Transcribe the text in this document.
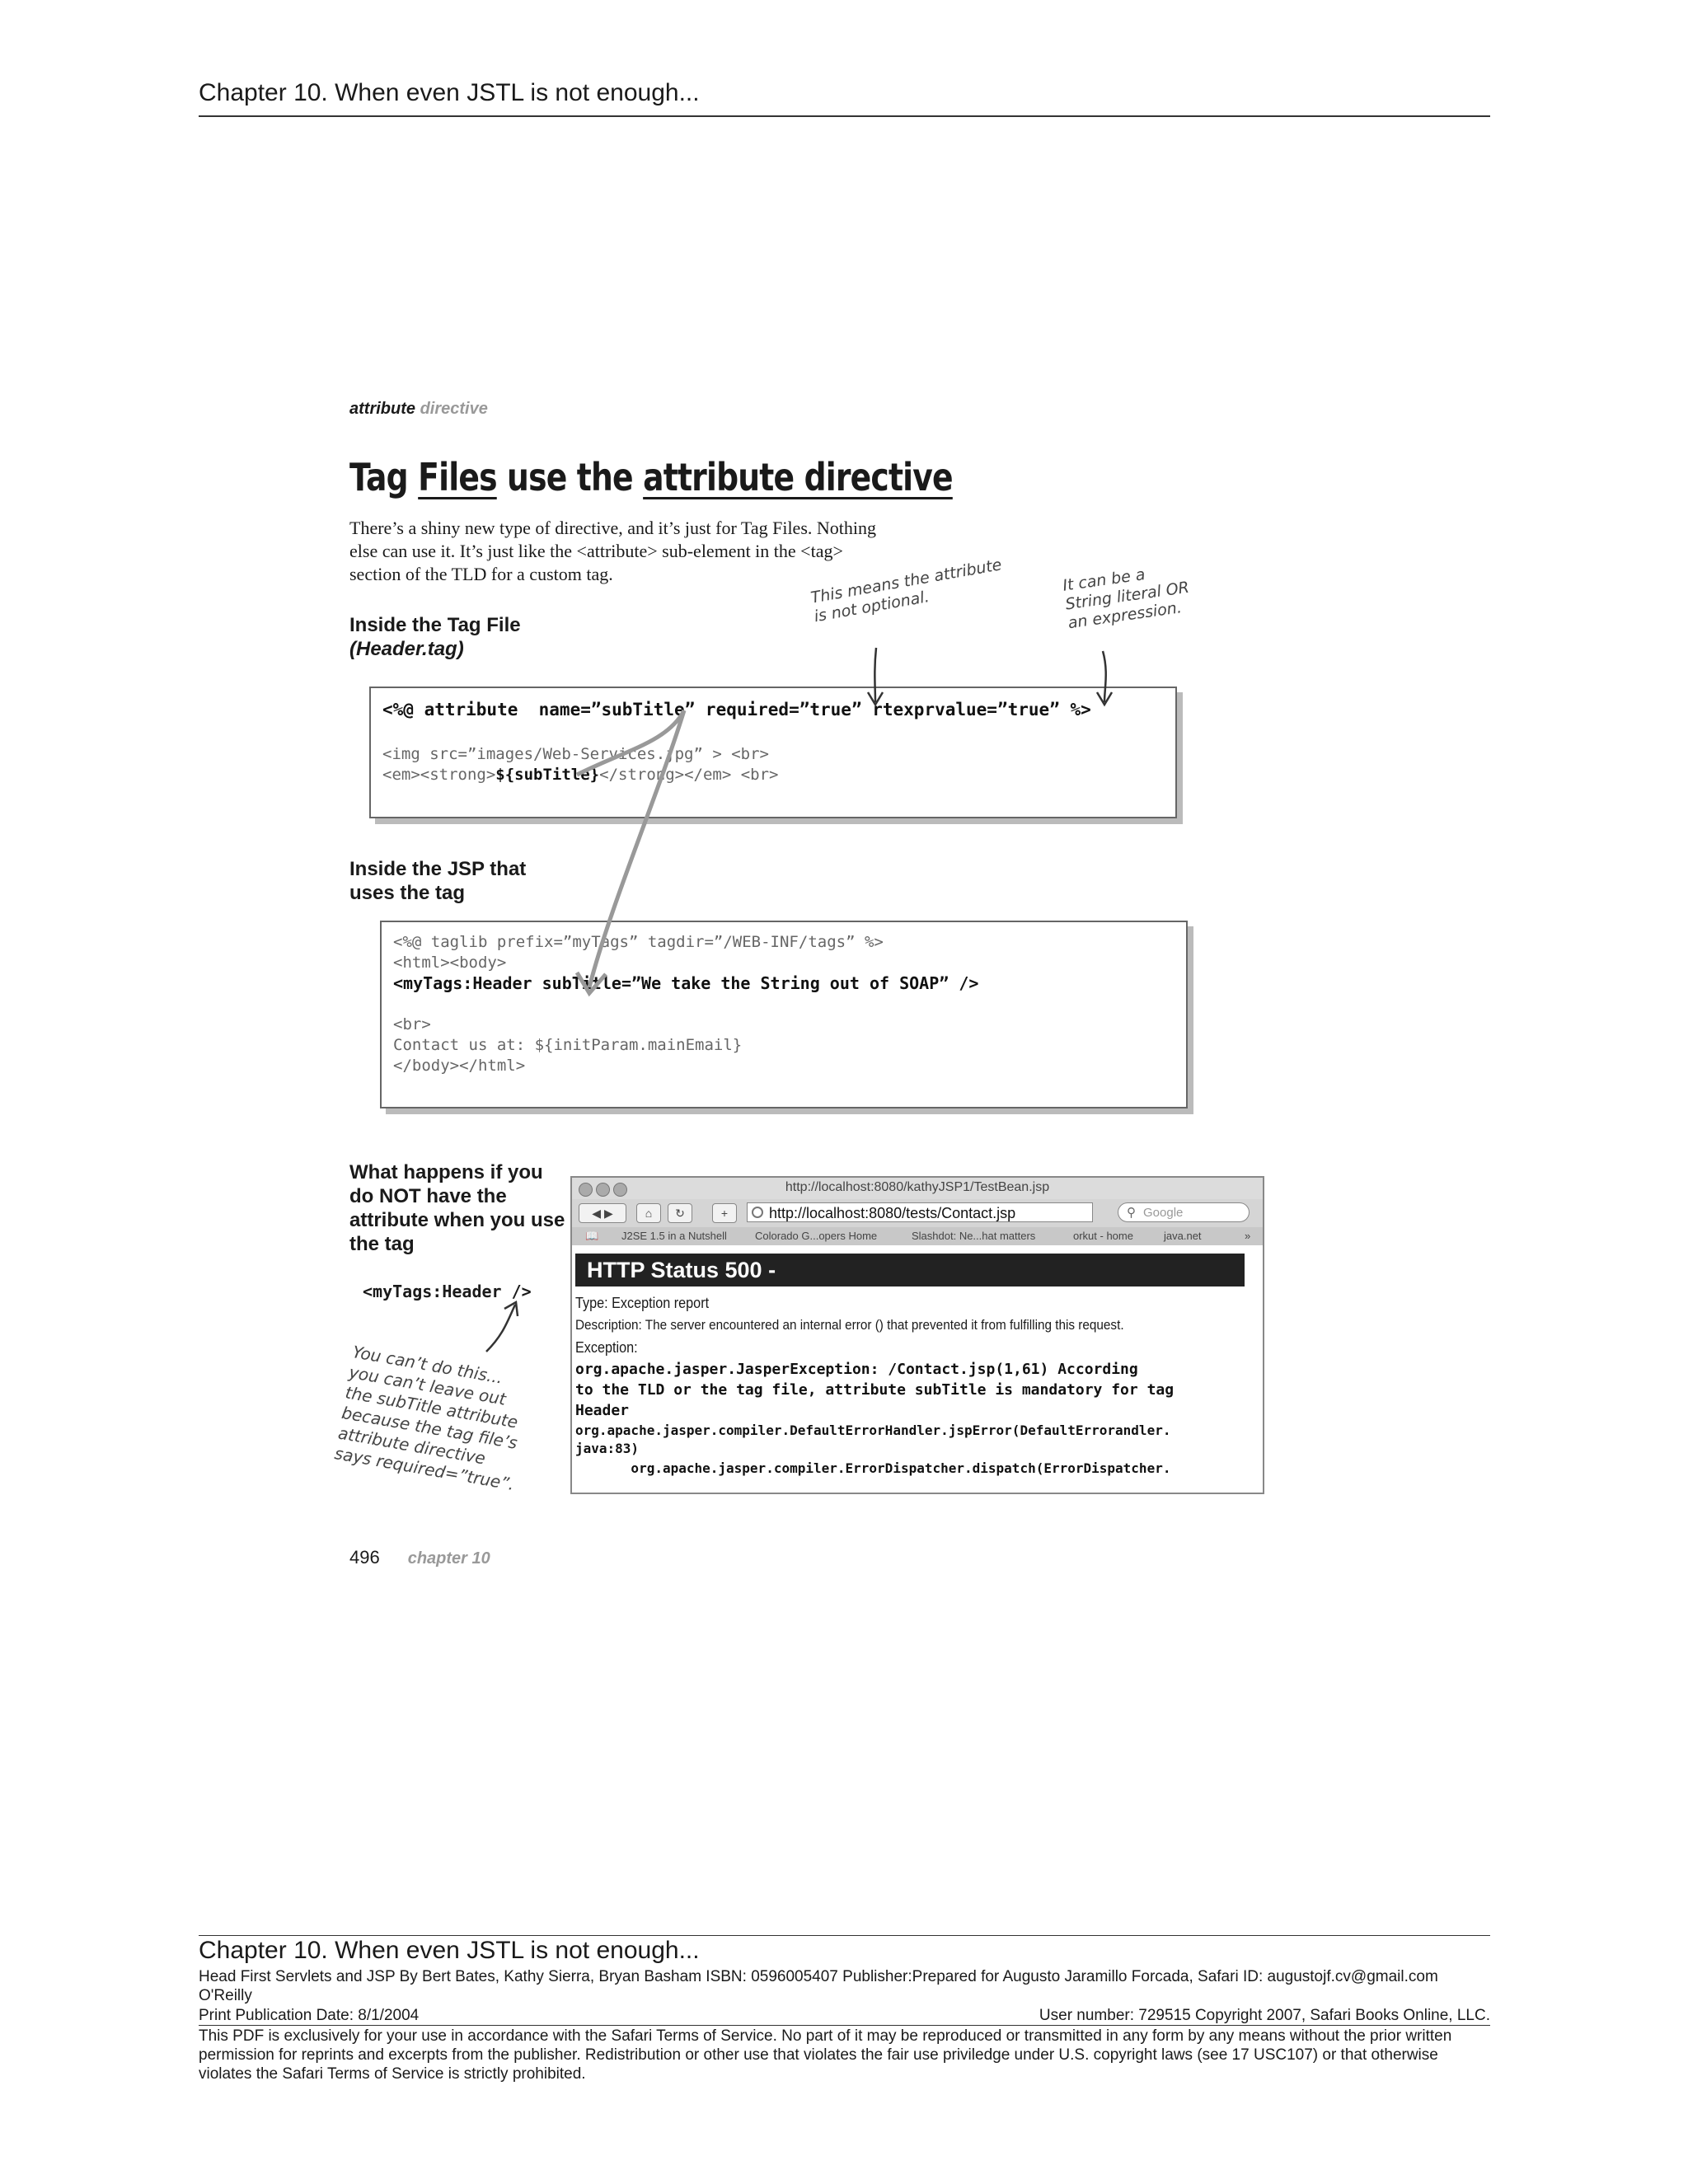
Chapter 10. When even JSTL is not enough...
attribute directive
Tag Files use the attribute directive
There’s a shiny new type of directive, and it’s just for Tag Files. Nothing else can use it. It’s just like the <attribute> sub-element in the <tag> section of the TLD for a custom tag.
Inside the Tag File
(Header.tag)
This means the attribute
is not optional.
It can be a
String literal OR
an expression.
<%@ attribute  name=”subTitle” required=”true” rtexprvalue=”true” %>
<img src=”images/Web-Services.jpg” > <br>
<em><strong>${subTitle}</strong></em> <br>
Inside the JSP that
uses the tag
<%@ taglib prefix=”myTags” tagdir=”/WEB-INF/tags” %>
<html><body>
<myTags:Header subTitle=”We take the String out of SOAP” />
<br>
Contact us at: ${initParam.mainEmail}
</body></html>
What happens if you do NOT have the attribute when you use the tag
<myTags:Header />
You can’t do this...
you can’t leave out
the subTitle attribute
because the tag file’s
attribute directive
says required=”true”.
http://localhost:8080/kathyJSP1/TestBean.jsp
◀ ▶	⌂	↻	+	http://localhost:8080/tests/Contact.jsp	⚲ Google
📖 J2SE 1.5 in a Nutshell	Colorado G...opers Home	Slashdot: Ne...hat matters	orkut - home	java.net	»
HTTP Status 500 -
Type: Exception report
Description: The server encountered an internal error () that prevented it from fulfilling this request.
Exception:
org.apache.jasper.JasperException: /Contact.jsp(1,61) According
to the TLD or the tag file, attribute subTitle is mandatory for tag
Header
org.apache.jasper.compiler.DefaultErrorHandler.jspError(DefaultErrorandler.
java:83)
org.apache.jasper.compiler.ErrorDispatcher.dispatch(ErrorDispatcher.
496 chapter 10
Chapter 10. When even JSTL is not enough...
Head First Servlets and JSP By Bert Bates, Kathy Sierra, Bryan Basham ISBN: 0596005407 Publisher:Prepared for Augusto Jaramillo Forcada, Safari ID: augustojf.cv@gmail.com
O'Reilly
Print Publication Date: 8/1/2004	User number: 729515 Copyright 2007, Safari Books Online, LLC.
This PDF is exclusively for your use in accordance with the Safari Terms of Service. No part of it may be reproduced or transmitted in any form by any means without the prior written permission for reprints and excerpts from the publisher. Redistribution or other use that violates the fair use priviledge under U.S. copyright laws (see 17 USC107) or that otherwise violates the Safari Terms of Service is strictly prohibited.
